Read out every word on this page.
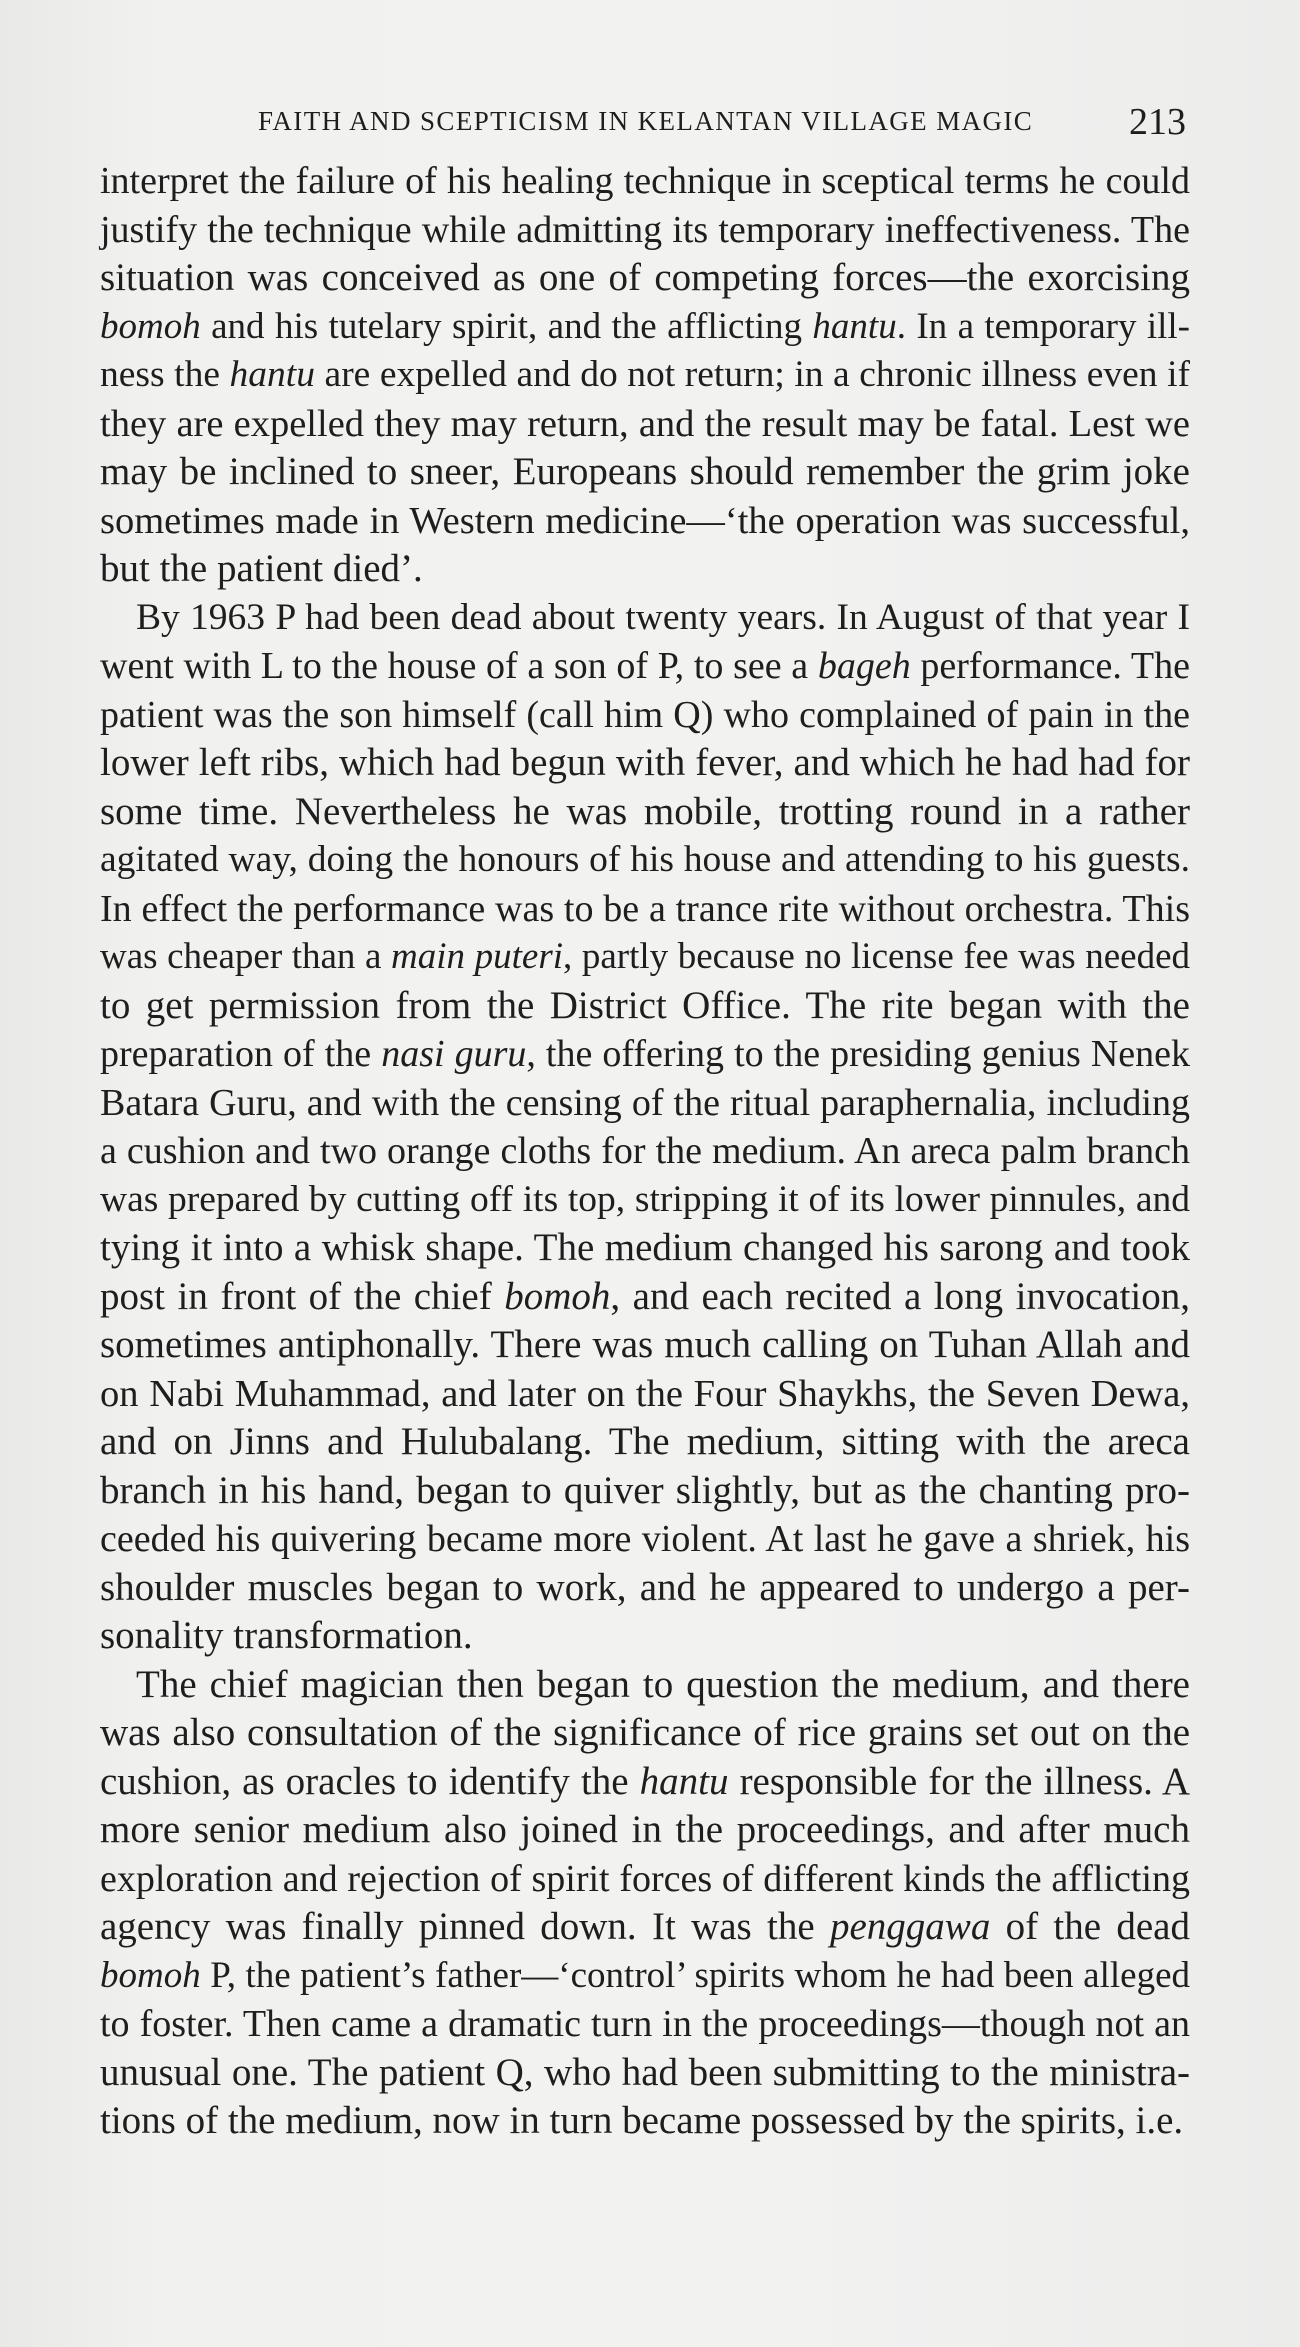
FAITH AND SCEPTICISM IN KELANTAN VILLAGE MAGIC	213
interpret the failure of his healing technique in sceptical terms he could
justify the technique while admitting its temporary ineffectiveness. The
situation was conceived as one of competing forces—the exorcising
bomoh and his tutelary spirit, and the afflicting hantu. In a temporary ill-
ness the hantu are expelled and do not return; in a chronic illness even if
they are expelled they may return, and the result may be fatal. Lest we
may be inclined to sneer, Europeans should remember the grim joke
sometimes made in Western medicine—‘the operation was successful,
but the patient died’.
By 1963 P had been dead about twenty years. In August of that year I
went with L to the house of a son of P, to see a bageh performance. The
patient was the son himself (call him Q) who complained of pain in the
lower left ribs, which had begun with fever, and which he had had for
some time. Nevertheless he was mobile, trotting round in a rather
agitated way, doing the honours of his house and attending to his guests.
In effect the performance was to be a trance rite without orchestra. This
was cheaper than a main puteri, partly because no license fee was needed
to get permission from the District Office. The rite began with the
preparation of the nasi guru, the offering to the presiding genius Nenek
Batara Guru, and with the censing of the ritual paraphernalia, including
a cushion and two orange cloths for the medium. An areca palm branch
was prepared by cutting off its top, stripping it of its lower pinnules, and
tying it into a whisk shape. The medium changed his sarong and took
post in front of the chief bomoh, and each recited a long invocation,
sometimes antiphonally. There was much calling on Tuhan Allah and
on Nabi Muhammad, and later on the Four Shaykhs, the Seven Dewa,
and on Jinns and Hulubalang. The medium, sitting with the areca
branch in his hand, began to quiver slightly, but as the chanting pro-
ceeded his quivering became more violent. At last he gave a shriek, his
shoulder muscles began to work, and he appeared to undergo a per-
sonality transformation.
The chief magician then began to question the medium, and there
was also consultation of the significance of rice grains set out on the
cushion, as oracles to identify the hantu responsible for the illness. A
more senior medium also joined in the proceedings, and after much
exploration and rejection of spirit forces of different kinds the afflicting
agency was finally pinned down. It was the penggawa of the dead
bomoh P, the patient’s father—‘control’ spirits whom he had been alleged
to foster. Then came a dramatic turn in the proceedings—though not an
unusual one. The patient Q, who had been submitting to the ministra-
tions of the medium, now in turn became possessed by the spirits, i.e.
